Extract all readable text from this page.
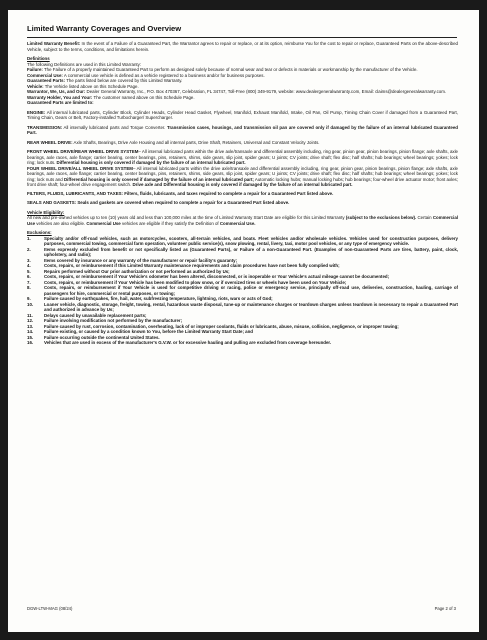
Limited Warranty Coverages and Overview

Limited Warranty Benefit: In the event of a Failure of a Guaranteed Part, the Warrantor agrees to repair or replace, or at its option, reimburse You for the cost to repair or replace, Guaranteed Parts on the above-described Vehicle, subject to the terms, conditions, and limitations herein.

Definitions

The following Definitions are used in this Limited Warranty:

Failure: The Failure of a properly maintained Guaranteed Part to perform as designed solely because of normal wear and tear or defects in materials or workmanship by the manufacturer of the Vehicle.

Commercial Use: A commercial use vehicle is defined as a vehicle registered to a business and/or for business purposes.

Guaranteed Parts: The parts listed below are covered by this Limited Warranty.

Vehicle: The Vehicle listed above on this Schedule Page.

Warrantor, We, Us, and Our: Dealer General Warranty, Inc., P.O. Box 470367, Celebration, FL 34747, Toll-Free (800) 349-9179, website: www.dealergeneralwarranty.com, Email: claims@dealergeneralwarranty.com.

Warranty Holder, You and Your: The customer named above on this Schedule Page.

Guaranteed Parts are limited to:

ENGINE: All internal lubricated parts, Cylinder Block, Cylinder Heads, Cylinder Head Gasket, Flywheel, Manifold, Exhaust Manifold, Intake, Oil Pan, Oil Pump, Timing Chain Cover if damaged from a Guaranteed Part, Timing Chain, Gears or Belt, Factory-installed Turbocharger/ Supercharger.

TRANSMISSION: All internally lubricated parts and Torque Converter. Transmission cases, housings, and transmission oil pan are covered only if damaged by the failure of an internal lubricated Guaranteed Part.

REAR WHEEL DRIVE: Axle Shafts, Bearings, Drive Axle Housing and all internal parts, Drive Shaft, Retainers, Universal and Constant Velocity Joints.

FRONT WHEEL DRIVE/REAR WHEEL DRIVE SYSTEM– All internal lubricated parts within the drive axle/transaxle and differential assembly including, ring gear, pinion gear, pinion bearings, pinion flange; axle shafts, axle bearings, axle races, axle flange; carrier bearing, center bearings, pins, retainers, shims, side gears, slip joint, spider gears; U joints; CV joints; drive shaft; flex disc; half shafts; hub bearings; wheel bearings; yokes; lock ring; lock nuts. Differential housing is only covered if damaged by the failure of an internal lubricated part.

FOUR WHEEL DRIVE/ALL WHEEL DRIVE SYSTEM– All internal lubricated parts within the drive axle/transaxle and differential assembly including, ring gear, pinion gear, pinion bearings, pinion flange; axle shafts, axle bearings, axle races, axle flange; carrier bearing, center bearings, pins, retainers, shims, side gears, slip joint, spider gears; U joints; CV joints; drive shaft; flex disc; half shafts; hub bearings; wheel bearings; yokes; lock ring; lock nuts and Differential housing is only covered if damaged by the failure of an internal lubricated part; Automatic locking hubs; manual locking hubs; hub bearings; four-wheel drive actuator motor; front axles; front drive shaft; four-wheel drive engagement switch. Drive axle and Differential housing is only covered if damaged by the failure of an internal lubricated part.

FILTERS, FLUIDS, LUBRICANTS, AND TAXES: Filters, fluids, lubricants, and taxes required to complete a repair for a Guaranteed Part listed above.

SEALS AND GASKETS: Seals and gaskets are covered when required to complete a repair for a Guaranteed Part listed above.

Vehicle Eligibility:

All new and pre-owned vehicles up to ten (10) years old and less than 100,000 miles at the time of Limited Warranty Start Date are eligible for this Limited Warranty (subject to the exclusions below). Certain Commercial Use vehicles are also eligible. Commercial Use vehicles are eligible if they satisfy the Definition of Commercial Use.

Exclusions:

1.	Specialty and/or off-road vehicles, such as motorcycles, scooters, all-terrain vehicles, and boats. Fleet vehicles and/or wholesale vehicles. Vehicles used for construction purposes, delivery purposes, commercial towing, commercial farm operation, volunteer public service(s), snow plowing, rental, livery, taxi, motor pool vehicles, or any type of emergency vehicle.
2.	Items expressly excluded from benefit or not specifically listed as (Guaranteed Parts), or Failure of a non-Guaranteed Part. (Examples of non-Guaranteed Parts are tires, battery, paint, clock, upholstery, and radio);
3.	Items covered by insurance or any warranty of the manufacturer or repair facility's guaranty;
4.	Costs, repairs, or reimbursement if this Limited Warranty maintenance requirements and claim procedures have not been fully complied with;
5.	Repairs performed without Our prior authorization or not performed as authorized by Us;
6.	Costs, repairs, or reimbursement if Your Vehicle's odometer has been altered, disconnected, or is inoperable or Your Vehicle's actual mileage cannot be documented;
7.	Costs, repairs, or reimbursement if Your Vehicle has been modified to plow snow, or if oversized tires or wheels have been used on Your Vehicle;
8.	Costs, repairs, or reimbursement if Your Vehicle is used for competitive driving or racing, police or emergency service, principally off-road use, deliveries, construction, hauling, carriage of passengers for hire, commercial or rental purposes, or towing;
9.	Failure caused by earthquakes, fire, hail, water, subfreezing temperature, lightning, riots, wars or acts of God;
10.	Loaner vehicle, diagnostic, storage, freight, towing, rental, hazardous waste disposal, tune-up or maintenance charges or teardown charges unless teardown is necessary to repair a Guaranteed Part and authorized in advance by Us;
11.	Delays caused by unavailable replacement parts;
12.	Failure involving modification not performed by the manufacturer;
13.	Failure caused by rust, corrosion, contamination, overheating, lack of or improper coolants, fluids or lubricants, abuse, misuse, collision, negligence, or improper towing;
14.	Failure existing, or caused by a condition known to You, before the Limited Warranty Start Date; and
15.	Failure occurring outside the continental United States.
16.	Vehicles that are used in excess of the manufacturer's G.V.W. or for excessive hauling and pulling are excluded from coverage hereunder.
DGW-LTW-MAG (08/24)	Page 2 of 3
